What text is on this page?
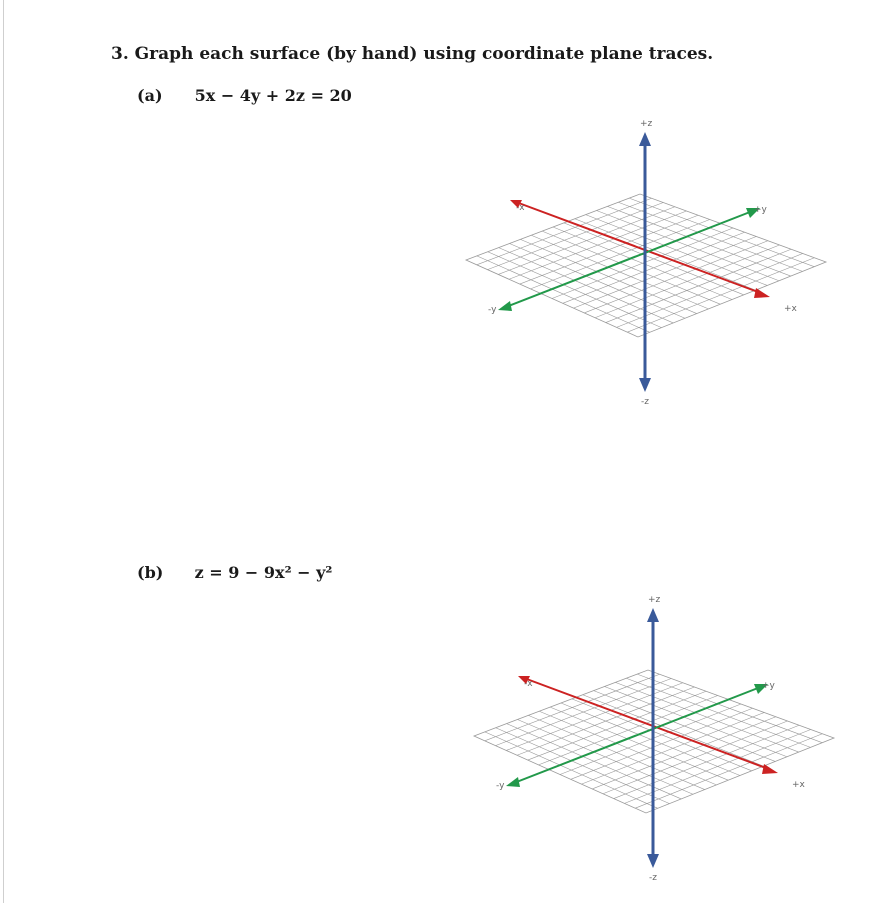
3. Graph each surface (by hand) using coordinate plane traces.
(a) 5x − 4y + 2z = 20
+z
-z
+x
-x	+y
-y
(b) z = 9 − 9x² − y²
+z
-z
+x
-x	+y
-y
